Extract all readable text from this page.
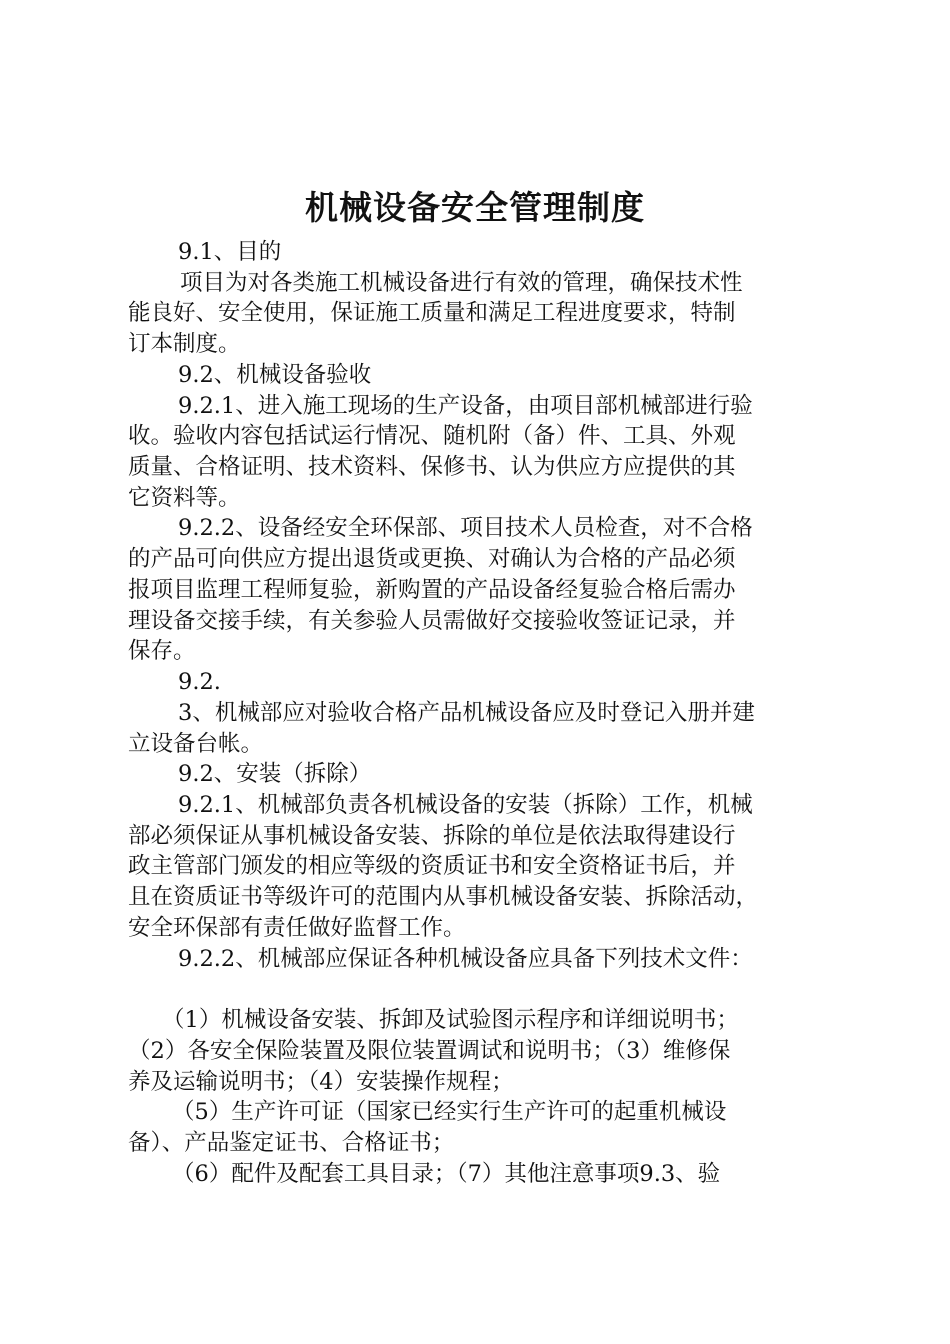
机械设备安全管理制度

9.1、目的

项目为对各类施工机械设备进行有效的管理，确保技术性

能良好、安全使用，保证施工质量和满足工程进度要求，特制

订本制度。

9.2、机械设备验收

9.2.1、进入施工现场的生产设备，由项目部机械部进行验

收。验收内容包括试运行情况、随机附（备）件、工具、外观

质量、合格证明、技术资料、保修书、认为供应方应提供的其

它资料等。

9.2.2、设备经安全环保部、项目技术人员检查，对不合格

的产品可向供应方提出退货或更换、对确认为合格的产品必须

报项目监理工程师复验，新购置的产品设备经复验合格后需办

理设备交接手续，有关参验人员需做好交接验收签证记录，并

保存。

9.2.

3、机械部应对验收合格产品机械设备应及时登记入册并建

立设备台帐。

9.2、安装（拆除）

9.2.1、机械部负责各机械设备的安装（拆除）工作，机械

部必须保证从事机械设备安装、拆除的单位是依法取得建设行

政主管部门颁发的相应等级的资质证书和安全资格证书后，并

且在资质证书等级许可的范围内从事机械设备安装、拆除活动，

安全环保部有责任做好监督工作。

9.2.2、机械部应保证各种机械设备应具备下列技术文件：

（1）机械设备安装、拆卸及试验图示程序和详细说明书；

（2）各安全保险装置及限位装置调试和说明书；（3）维修保

养及运输说明书；（4）安装操作规程；

（5）生产许可证（国家已经实行生产许可的起重机械设

备）、产品鉴定证书、合格证书；

（6）配件及配套工具目录；（7）其他注意事项9.3、验
